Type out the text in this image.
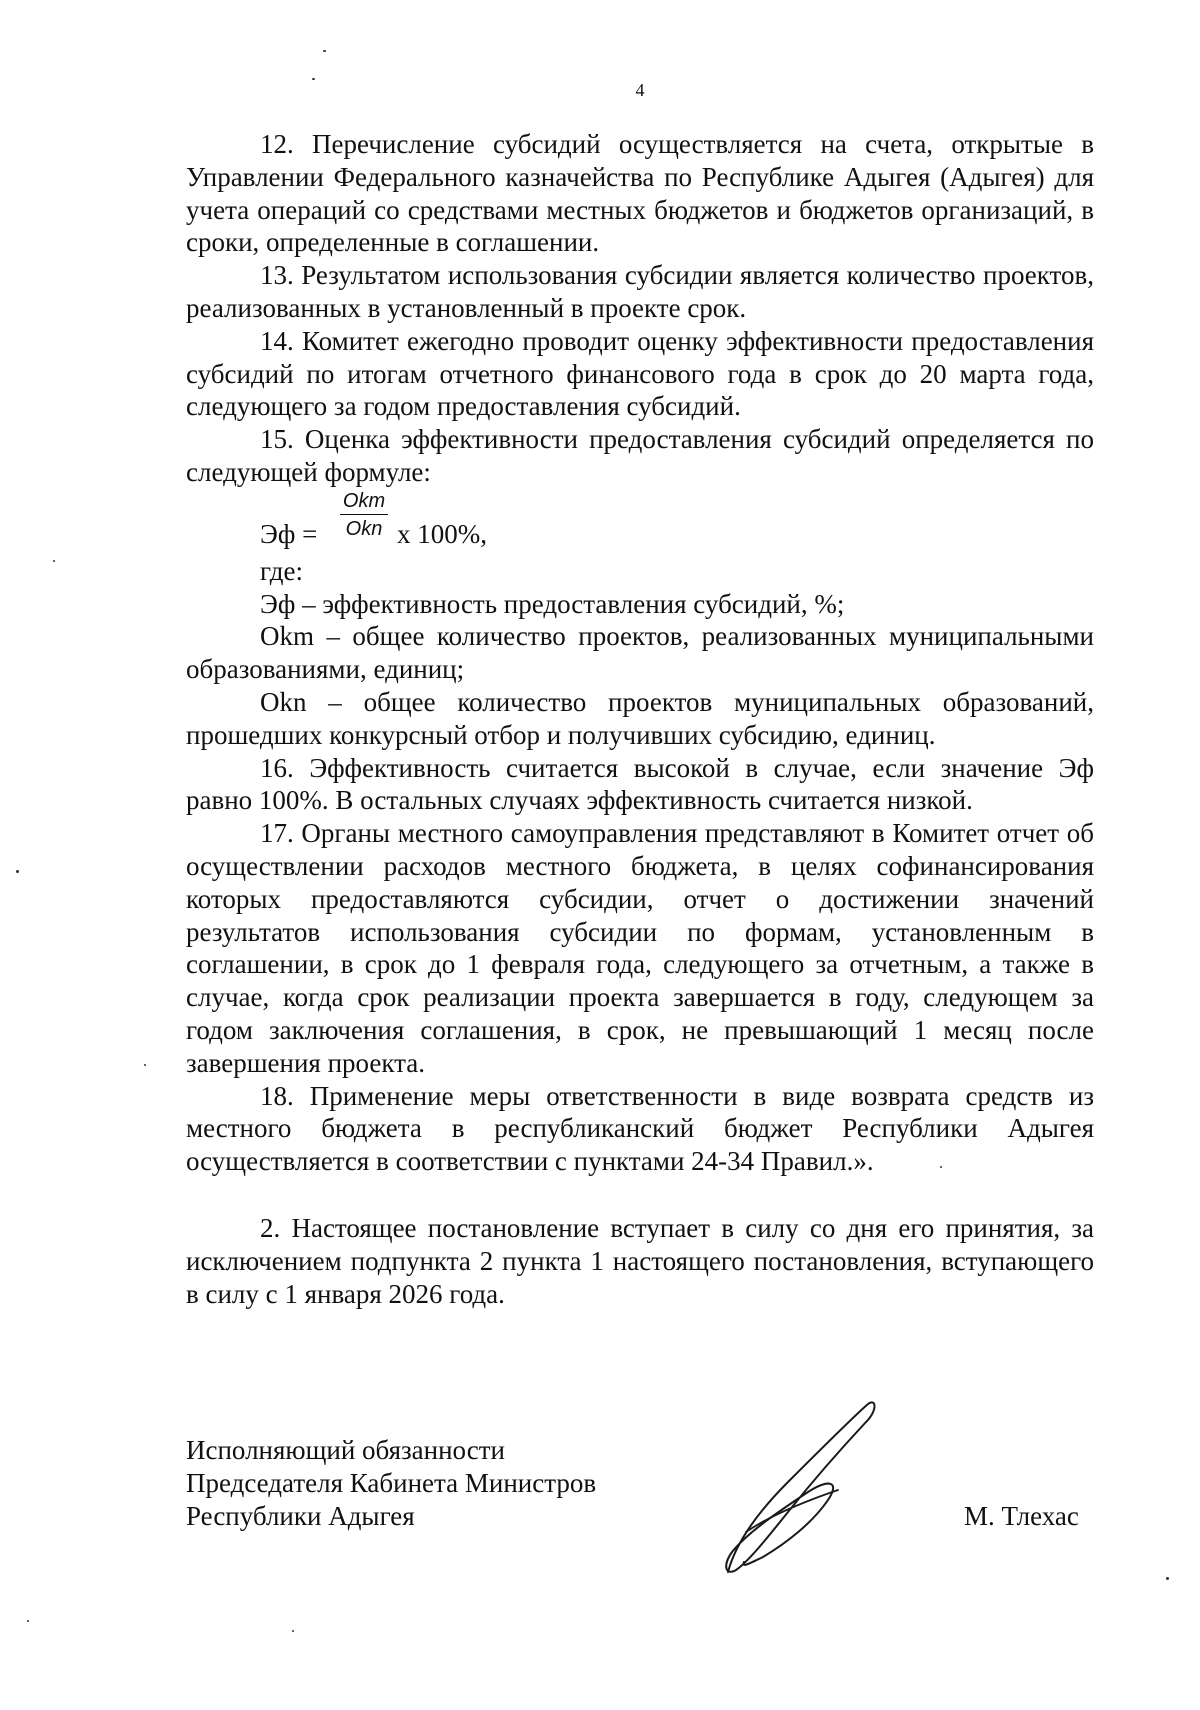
4

12. Перечисление субсидий осуществляется на счета, открытые в Управлении Федерального казначейства по Республике Адыгея (Адыгея) для учета операций со средствами местных бюджетов и бюджетов организаций, в сроки, определенные в соглашении.

13. Результатом использования субсидии является количество проектов, реализованных в установленный в проекте срок.

14. Комитет ежегодно проводит оценку эффективности предоставления субсидий по итогам отчетного финансового года в срок до 20 марта года, следующего за годом предоставления субсидий.

15. Оценка эффективности предоставления субсидий определяется по следующей формуле:

Эф =
Okm
Okn x 100%,

где:

Эф – эффективность предоставления субсидий, %;

Okm – общее количество проектов, реализованных муниципальными образованиями, единиц;

Okn – общее количество проектов муниципальных образований, прошедших конкурсный отбор и получивших субсидию, единиц.

16. Эффективность считается высокой в случае, если значение Эф равно 100%. В остальных случаях эффективность считается низкой.

17. Органы местного самоуправления представляют в Комитет отчет об осуществлении расходов местного бюджета, в целях софинансирования которых предоставляются субсидии, отчет о достижении значений результатов использования субсидии по формам, установленным в соглашении, в срок до 1 февраля года, следующего за отчетным, а также в случае, когда срок реализации проекта завершается в году, следующем за годом заключения соглашения, в срок, не превышающий 1 месяц после завершения проекта.

18. Применение меры ответственности в виде возврата средств из местного бюджета в республиканский бюджет Республики Адыгея осуществляется в соответствии с пунктами 24-34 Правил.».

2. Настоящее постановление вступает в силу со дня его принятия, за исключением подпункта 2 пункта 1 настоящего постановления, вступающего в силу с 1 января 2026 года.

Исполняющий обязанности
Председателя Кабинета Министров
Республики Адыгея	М. Тлехас
